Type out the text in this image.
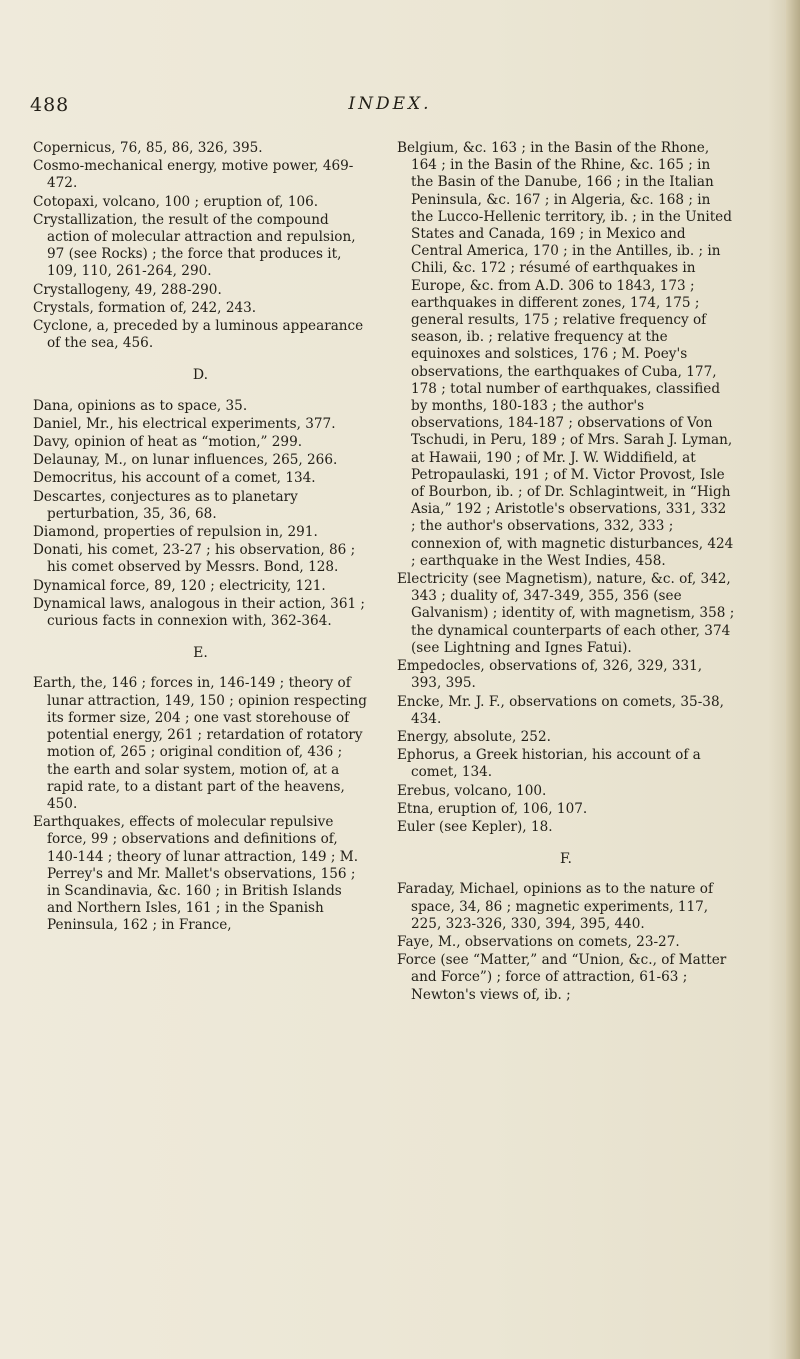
488	INDEX.
Copernicus, 76, 85, 86, 326, 395.
Cosmo-mechanical energy, motive power, 469-472.
Cotopaxi, volcano, 100 ; eruption of, 106.
Crystallization, the result of the compound action of molecular attraction and repulsion, 97 (see Rocks) ; the force that produces it, 109, 110, 261-264, 290.
Crystallogeny, 49, 288-290.
Crystals, formation of, 242, 243.
Cyclone, a, preceded by a luminous appearance of the sea, 456.
D.
Dana, opinions as to space, 35.
Daniel, Mr., his electrical experiments, 377.
Davy, opinion of heat as “motion,” 299.
Delaunay, M., on lunar influences, 265, 266.
Democritus, his account of a comet, 134.
Descartes, conjectures as to planetary perturbation, 35, 36, 68.
Diamond, properties of repulsion in, 291.
Donati, his comet, 23-27 ; his observation, 86 ; his comet observed by Messrs. Bond, 128.
Dynamical force, 89, 120 ; electricity, 121.
Dynamical laws, analogous in their action, 361 ; curious facts in connexion with, 362-364.
E.
Earth, the, 146 ; forces in, 146-149 ; theory of lunar attraction, 149, 150 ; opinion respecting its former size, 204 ; one vast storehouse of potential energy, 261 ; retardation of rotatory motion of, 265 ; original condition of, 436 ; the earth and solar system, motion of, at a rapid rate, to a distant part of the heavens, 450.
Earthquakes, effects of molecular repulsive force, 99 ; observations and definitions of, 140-144 ; theory of lunar attraction, 149 ; M. Perrey's and Mr. Mallet's observations, 156 ; in Scandinavia, &c. 160 ; in British Islands and Northern Isles, 161 ; in the Spanish Peninsula, 162 ; in France,
Belgium, &c. 163 ; in the Basin of the Rhone, 164 ; in the Basin of the Rhine, &c. 165 ; in the Basin of the Danube, 166 ; in the Italian Peninsula, &c. 167 ; in Algeria, &c. 168 ; in the Lucco-Hellenic territory, ib. ; in the United States and Canada, 169 ; in Mexico and Central America, 170 ; in the Antilles, ib. ; in Chili, &c. 172 ; résumé of earthquakes in Europe, &c. from A.D. 306 to 1843, 173 ; earthquakes in different zones, 174, 175 ; general results, 175 ; relative frequency of season, ib. ; relative frequency at the equinoxes and solstices, 176 ; M. Poey's observations, the earthquakes of Cuba, 177, 178 ; total number of earthquakes, classified by months, 180-183 ; the author's observations, 184-187 ; observations of Von Tschudi, in Peru, 189 ; of Mrs. Sarah J. Lyman, at Hawaii, 190 ; of Mr. J. W. Widdifield, at Petropaulaski, 191 ; of M. Victor Provost, Isle of Bourbon, ib. ; of Dr. Schlagintweit, in “High Asia,” 192 ; Aristotle's observations, 331, 332 ; the author's observations, 332, 333 ; connexion of, with magnetic disturbances, 424 ; earthquake in the West Indies, 458.
Electricity (see Magnetism), nature, &c. of, 342, 343 ; duality of, 347-349, 355, 356 (see Galvanism) ; identity of, with magnetism, 358 ; the dynamical counterparts of each other, 374 (see Lightning and Ignes Fatui).
Empedocles, observations of, 326, 329, 331, 393, 395.
Encke, Mr. J. F., observations on comets, 35-38, 434.
Energy, absolute, 252.
Ephorus, a Greek historian, his account of a comet, 134.
Erebus, volcano, 100.
Etna, eruption of, 106, 107.
Euler (see Kepler), 18.
F.
Faraday, Michael, opinions as to the nature of space, 34, 86 ; magnetic experiments, 117, 225, 323-326, 330, 394, 395, 440.
Faye, M., observations on comets, 23-27.
Force (see “Matter,” and “Union, &c., of Matter and Force”) ; force of attraction, 61-63 ; Newton's views of, ib. ;
